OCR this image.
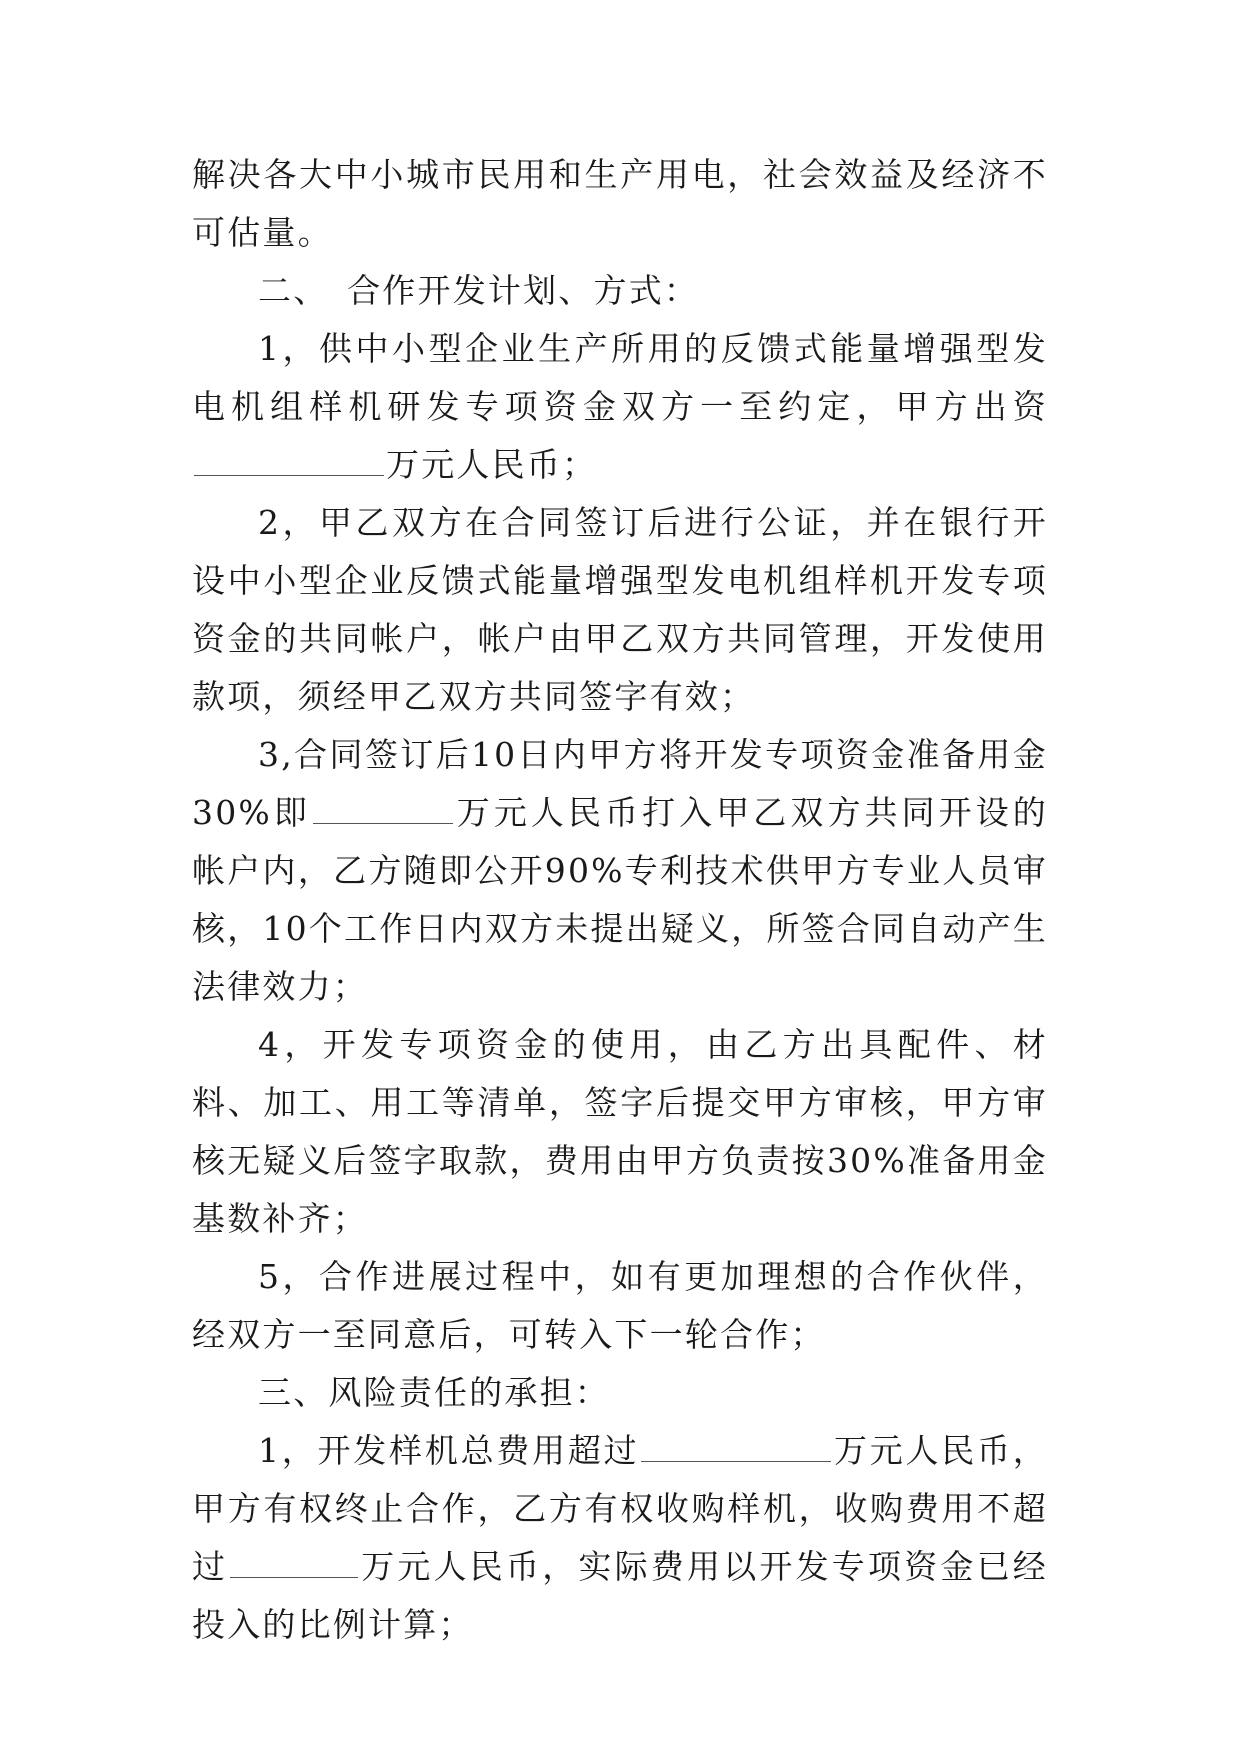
解决各大中小城市民用和生产用电，社会效益及经济不可估量。

二、　合作开发计划、方式：

1，供中小型企业生产所用的反馈式能量增强型发电机组样机研发专项资金双方一至约定，甲方出资万元人民币；

2，甲乙双方在合同签订后进行公证，并在银行开设中小型企业反馈式能量增强型发电机组样机开发专项资金的共同帐户，帐户由甲乙双方共同管理，开发使用款项，须经甲乙双方共同签字有效；

3,合同签订后10日内甲方将开发专项资金准备用金30%即	万元人民币打入甲乙双方共同开设的帐户内，乙方随即公开90%专利技术供甲方专业人员审核，10个工作日内双方未提出疑义，所签合同自动产生法律效力；

4，开发专项资金的使用，由乙方出具配件、材料、加工、用工等清单，签字后提交甲方审核，甲方审核无疑义后签字取款，费用由甲方负责按30%准备用金基数补齐；

5，合作进展过程中，如有更加理想的合作伙伴，经双方一至同意后，可转入下一轮合作；

三、风险责任的承担：

1，开发样机总费用超过	万元人民币，甲方有权终止合作，乙方有权收购样机，收购费用不超过	万元人民币，实际费用以开发专项资金已经投入的比例计算；
